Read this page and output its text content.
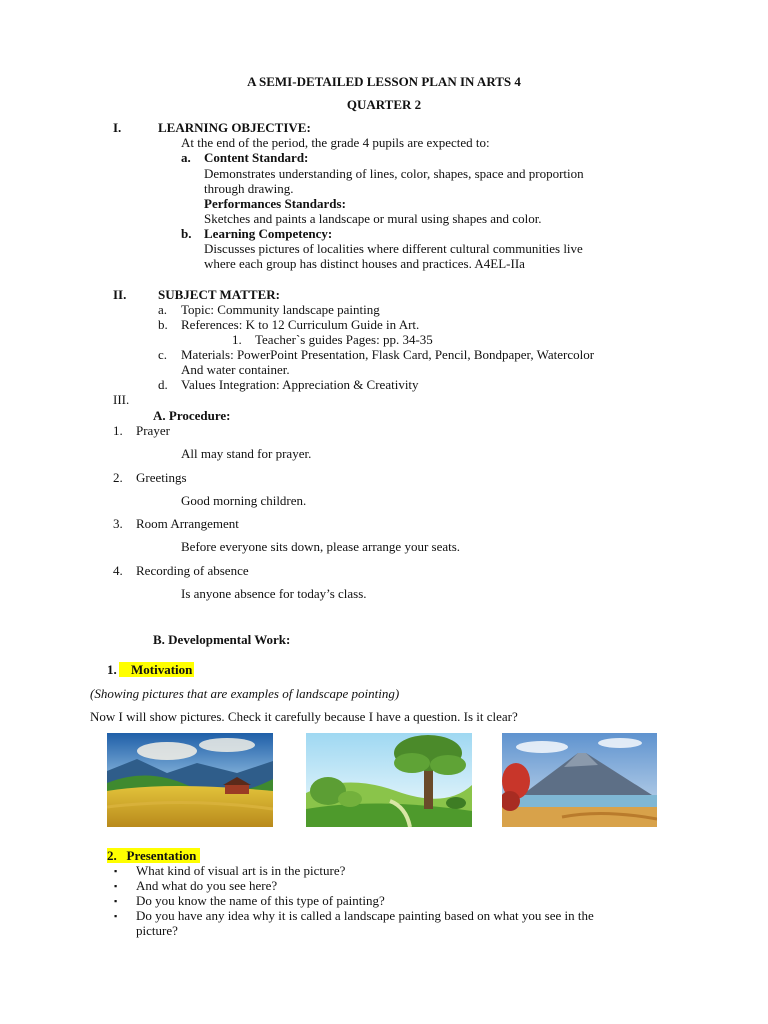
A SEMI-DETAILED LESSON PLAN IN ARTS 4
QUARTER 2
I.	LEARNING OBJECTIVE:
At the end of the period, the grade 4 pupils are expected to:
a. Content Standard:
Demonstrates understanding of lines, color, shapes, space and proportion
through drawing.
Performances Standards:
Sketches and paints a landscape or mural using shapes and color.
b. Learning Competency:
Discusses pictures of localities where different cultural communities live
where each group has distinct houses and practices. A4EL-IIa
II. SUBJECT MATTER:
a. Topic: Community landscape painting
b. References: K to 12 Curriculum Guide in Art.
1. Teacher`s guides Pages: pp. 34-35
c. Materials: PowerPoint Presentation, Flask Card, Pencil, Bondpaper, Watercolor
And water container.
d. Values Integration: Appreciation & Creativity
III.
A. Procedure:
1. Prayer
All may stand for prayer.
2. Greetings
Good morning children.
3. Room Arrangement
Before everyone sits down, please arrange your seats.
4. Recording of absence
Is anyone absence for today’s class.
B. Developmental Work:
1.	Motivation
(Showing pictures that are examples of landscape pointing)
Now I will show pictures. Check it carefully because I have a question. Is it clear?
2. Presentation
▪ What kind of visual art is in the picture?
▪ And what do you see here?
▪ Do you know the name of this type of painting?
▪ Do you have any idea why it is called a landscape painting based on what you see in the
picture?
